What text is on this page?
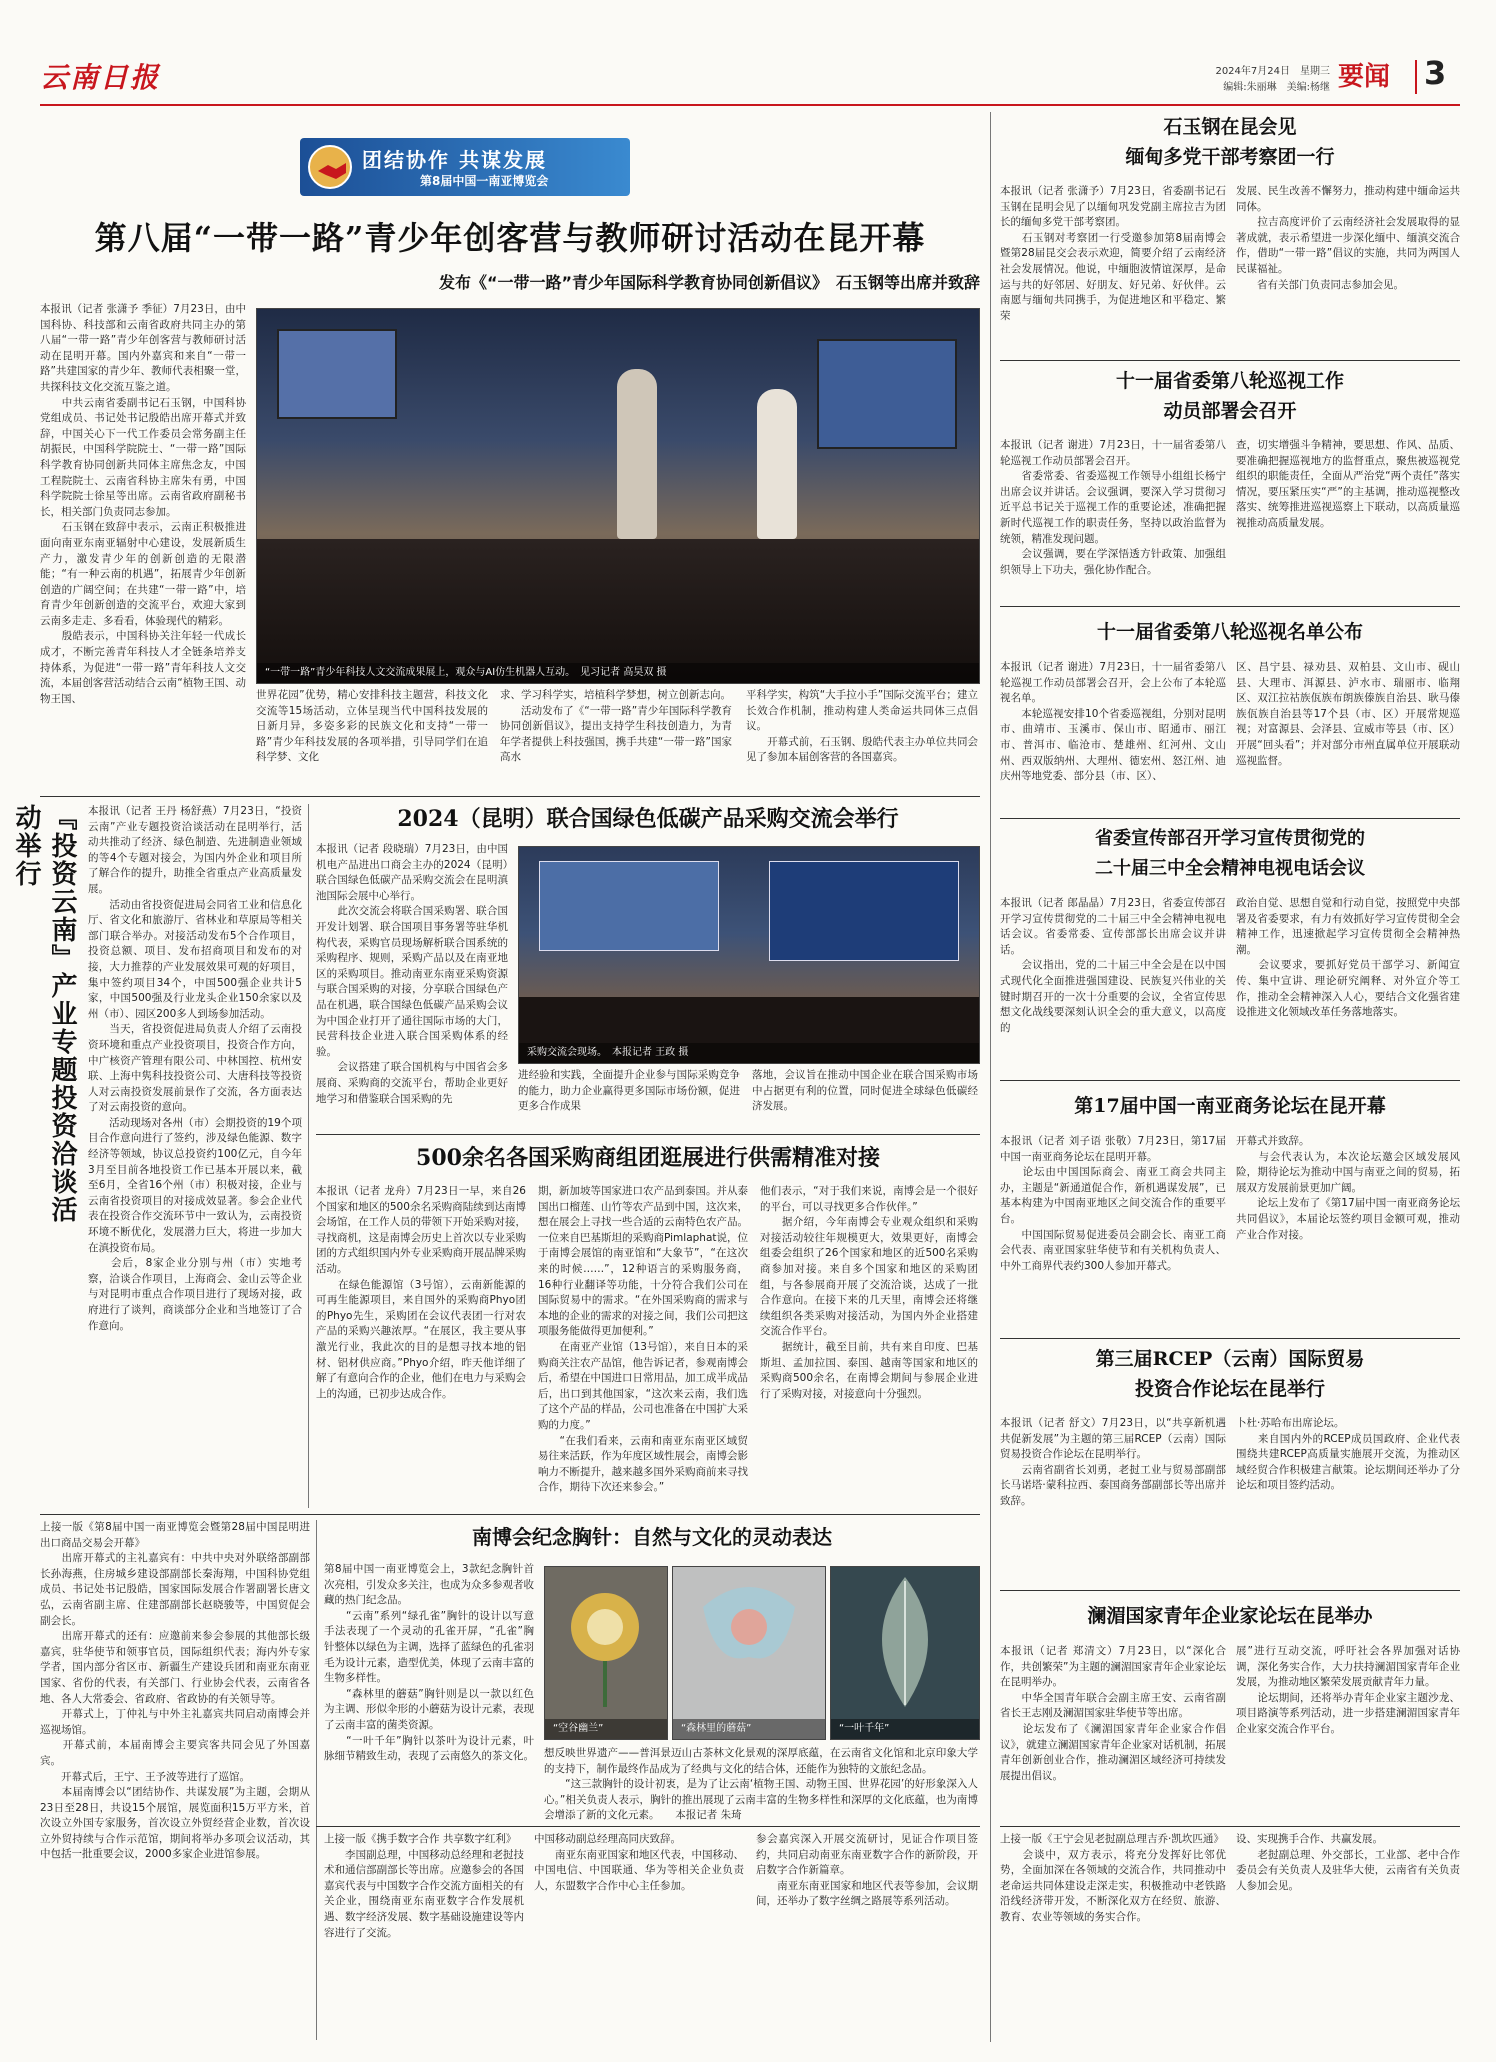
云南日报	2024年7月24日　星期三
编辑:朱丽琳　美编:杨继 要闻	3
团结协作 共谋发展
第8届中国一南亚博览会
第八届“一带一路”青少年创客营与教师研讨活动在昆开幕
发布《“一带一路”青少年国际科学教育协同创新倡议》　石玉钢等出席并致辞
本报讯（记者 张潇予 季征）7月23日，由中国科协、科技部和云南省政府共同主办的第八届“一带一路”青少年创客营与教师研讨活动在昆明开幕。国内外嘉宾和来自“一带一路”共建国家的青少年、教师代表相聚一堂，共探科技文化交流互鉴之道。
　　中共云南省委副书记石玉钢，中国科协党组成员、书记处书记殷皓出席开幕式并致辞，中国关心下一代工作委员会常务副主任胡振民，中国科学院院士、“一带一路”国际科学教育协同创新共同体主席焦念友，中国工程院院士、云南省科协主席朱有勇，中国科学院院士徐星等出席。云南省政府副秘书长，相关部门负责同志参加。
　　石玉钢在致辞中表示，云南正积极推进面向南亚东南亚辐射中心建设，发展新质生产力，激发青少年的创新创造的无限潜能；“有一种云南的机遇”，拓展青少年创新创造的广阔空间；在共建“一带一路”中，培育青少年创新创造的交流平台，欢迎大家到云南多走走、多看看，体验现代的精彩。
　　殷皓表示，中国科协关注年轻一代成长成才，不断完善青年科技人才全链条培养支持体系，为促进“一带一路”青年科技人文交流，本届创客营活动结合云南“植物王国、动物王国、
“一带一路”青少年科技人文交流成果展上，观众与AI仿生机器人互动。　见习记者 高昊双 摄
世界花园”优势，精心安排科技主题营，科技文化交流等15场活动，立体呈现当代中国科技发展的日新月异，多姿多彩的民族文化和支持“一带一路”青少年科技发展的各项举措，引导同学们在追科学梦、文化
求、学习科学实，培植科学梦想，树立创新志向。
　　活动发布了《“一带一路”青少年国际科学教育协同创新倡议》，提出支持学生科技创造力，为青年学者提供上科技强国，携手共建“一带一路”国家高水
平科学实，构筑“大手拉小手”国际交流平台；建立长效合作机制，推动构建人类命运共同体三点倡议。
　　开幕式前，石玉钢、殷皓代表主办单位共同会见了参加本届创客营的各国嘉宾。
『投资云南』产业专题投资洽谈活动举行	本报讯（记者 王丹 杨舒燕）7月23日，“投资云南”产业专题投资洽谈活动在昆明举行，活动共推动了经济、绿色制造、先进制造业领域的等4个专题对接会，为国内外企业和项目所了解合作的提升，助推全省重点产业高质量发展。
　　活动由省投资促进局会同省工业和信息化厅、省文化和旅游厅、省林业和草原局等相关部门联合举办。对接活动发布5个合作项目，投资总额、项目、发布招商项目和发布的对接，大力推荐的产业发展效果可观的好项目，集中签约项目34个，中国500强企业共计5家，中国500强及行业龙头企业150余家以及州（市）、园区200多人到场参加活动。
　　当天，省投资促进局负责人介绍了云南投资环境和重点产业投资项目，投资合作方向，中广核资产管理有限公司、中林国控、杭州安联、上海中隽科技投资公司、大唐科技等投资人对云南投资发展前景作了交流，各方面表达了对云南投资的意向。
　　活动现场对各州（市）会期投资的19个项目合作意向进行了签约，涉及绿色能源、数字经济等领域，协议总投资约100亿元，自今年3月至目前各地投资工作已基本开展以来，截至6月，全省16个州（市）积极对接，企业与云南省投资项目的对接成效显著。参会企业代表在投资合作交流环节中一致认为，云南投资环境不断优化，发展潜力巨大，将进一步加大在滇投资布局。
　　会后，8家企业分别与州（市）实地考察，洽谈合作项目，上海商会、金山云等企业与对昆明市重点合作项目进行了现场对接，政府进行了谈判，商谈部分企业和当地签订了合作意向。
2024（昆明）联合国绿色低碳产品采购交流会举行
本报讯（记者 段晓瑞）7月23日，由中国机电产品进出口商会主办的2024（昆明）联合国绿色低碳产品采购交流会在昆明滇池国际会展中心举行。
　　此次交流会将联合国采购署、联合国开发计划署、联合国项目事务署等驻华机构代表，采购官员现场解析联合国系统的采购程序、规则，采购产品以及在南亚地区的采购项目。推动南亚东南亚采购资源与联合国采购的对接，分享联合国绿色产品在机遇，联合国绿色低碳产品采购会议为中国企业打开了通往国际市场的大门，民营科技企业进入联合国采购体系的经验。
　　会议搭建了联合国机构与中国省会多展商、采购商的交流平台，帮助企业更好地学习和借鉴联合国采购的先
采购交流会现场。　本报记者 王政 摄
进经验和实践，全面提升企业参与国际采购竞争的能力，助力企业赢得更多国际市场份额，促进更多合作成果
落地，会议旨在推动中国企业在联合国采购市场中占据更有利的位置，同时促进全球绿色低碳经济发展。
500余名各国采购商组团逛展进行供需精准对接
本报讯（记者 龙舟）7月23日一早，来自26个国家和地区的500余名采购商陆续到达南博会场馆，在工作人员的带领下开始采购对接，寻找商机，这是南博会历史上首次以专业采购团的方式组织国内外专业采购商开展品牌采购活动。
　　在绿色能源馆（3号馆），云南新能源的可再生能源项目，来自国外的采购商Phyo团的Phyo先生，采购团在会议代表团一行对农产品的采购兴趣浓厚。“在展区，我主要从事激光行业，我此次的目的是想寻找本地的铝材、铝材供应商。”Phyo介绍，昨天他详细了解了有意向合作的企业，他们在电力与采购会上的沟通，已初步达成合作。
期，新加坡等国家进口农产品到泰国。并从泰国出口榴莲、山竹等农产品到中国，这次来，想在展会上寻找一些合适的云南特色农产品。一位来自巴基斯坦的采购商Pimlaphat说，位于南博会展馆的南亚馆和“大象节”，“在这次来的时候……”，12种语言的采购服务商，16种行业翻译等功能，十分符合我们公司在国际贸易中的需求。“在外国采购商的需求与本地的企业的需求的对接之间，我们公司把这项服务能做得更加便利。”
　　在南亚产业馆（13号馆），来自日本的采购商关注农产品馆，他告诉记者，参观南博会后，希望在中国进口日常用品，加工成半成品后，出口到其他国家，“这次来云南，我们选了这个产品的样品，公司也准备在中国扩大采购的力度。”
　　“在我们看来，云南和南亚东南亚区域贸易往来活跃，作为年度区域性展会，南博会影响力不断提升，越来越多国外采购商前来寻找合作，期待下次还来参会。”
他们表示，“对于我们来说，南博会是一个很好的平台，可以寻找更多合作伙伴。”
　　据介绍，今年南博会专业观众组织和采购对接活动较往年规模更大，效果更好，南博会组委会组织了26个国家和地区的近500名采购商参加对接。来自多个国家和地区的采购团组，与各参展商开展了交流洽谈，达成了一批合作意向。在接下来的几天里，南博会还将继续组织各类采购对接活动，为国内外企业搭建交流合作平台。
　　据统计，截至目前，共有来自印度、巴基斯坦、孟加拉国、泰国、越南等国家和地区的采购商500余名，在南博会期间与参展企业进行了采购对接，对接意向十分强烈。
上接一版《第8届中国一南亚博览会暨第28届中国昆明进出口商品交易会开幕》
　　出席开幕式的主礼嘉宾有：中共中央对外联络部副部长孙海燕，住房城乡建设部副部长秦海翔，中国科协党组成员、书记处书记殷皓，国家国际发展合作署副署长唐文弘，云南省副主席、住建部副部长赵晓骏等，中国贸促会副会长。
　　出席开幕式的还有：应邀前来参会参展的其他部长级嘉宾，驻华使节和领事官员，国际组织代表；海内外专家学者，国内部分省区市、新疆生产建设兵团和南亚东南亚国家、省份的代表，有关部门、行业协会代表，云南省各地、各人大常委会、省政府、省政协的有关领导等。
　　开幕式上，丁仲礼与中外主礼嘉宾共同启动南博会并巡视场馆。
　　开幕式前，本届南博会主要宾客共同会见了外国嘉宾。
　　开幕式后，王宁、王予波等进行了巡馆。
　　本届南博会以“团结协作、共谋发展”为主题，会期从23日至28日，共设15个展馆，展览面积15万平方米，首次设立外国专家服务，首次设立外贸经营企业数，首次设立外贸持续与合作示范馆，期间将举办多项会议活动，其中包括一批重要会议，2000多家企业进馆参展。
南博会纪念胸针：自然与文化的灵动表达
第8届中国一南亚博览会上，3款纪念胸针首次亮相，引发众多关注，也成为众多参观者收藏的热门纪念品。
　　“云南”系列“绿孔雀”胸针的设计以写意手法表现了一个灵动的孔雀开屏，“孔雀”胸针整体以绿色为主调，选择了蓝绿色的孔雀羽毛为设计元素，造型优美，体现了云南丰富的生物多样性。
　　“森林里的蘑菇”胸针则是以一款以红色为主调、形似伞形的小蘑菇为设计元素，表现了云南丰富的菌类资源。
　　“一叶千年”胸针以茶叶为设计元素，叶脉细节精致生动，表现了云南悠久的茶文化。
“空谷幽兰”	“森林里的蘑菇”	“一叶千年”
想反映世界遗产——普洱景迈山古茶林文化景观的深厚底蕴，在云南省文化馆和北京印象大学的支持下，制作最终作品成为了经典与文化的结合体，还能作为独特的文旅纪念品。
　　“这三款胸针的设计初衷，是为了让云南‘植物王国、动物王国、世界花园’的好形象深入人心。”相关负责人表示，胸针的推出展现了云南丰富的生物多样性和深厚的文化底蕴，也为南博会增添了新的文化元素。　　本报记者 朱琦
上接一版《携手数字合作 共享数字红利》
　　李国副总理，中国移动总经理和老挝技术和通信部副部长等出席。应邀参会的各国嘉宾代表与中国数字合作交流方面相关的有关企业，围绕南亚东南亚数字合作发展机遇、数字经济发展、数字基础设施建设等内容进行了交流。
中国移动副总经理高同庆致辞。
　　南亚东南亚国家和地区代表，中国移动、中国电信、中国联通、华为等相关企业负责人，东盟数字合作中心主任参加。
参会嘉宾深入开展交流研讨，见证合作项目签约，共同启动南亚东南亚数字合作的新阶段，开启数字合作新篇章。
　　南亚东南亚国家和地区代表等参加，会议期间，还举办了数字丝绸之路展等系列活动。
石玉钢在昆会见
缅甸多党干部考察团一行
本报讯（记者 张潇予）7月23日，省委副书记石玉钢在昆明会见了以缅甸巩发党副主席拉吉为团长的缅甸多党干部考察团。
　　石玉钢对考察团一行受邀参加第8届南博会暨第28届昆交会表示欢迎，简要介绍了云南经济社会发展情况。他说，中缅胞波情谊深厚，是命运与共的好邻居、好朋友、好兄弟、好伙伴。云南愿与缅甸共同携手，为促进地区和平稳定、繁荣
发展、民生改善不懈努力，推动构建中缅命运共同体。
　　拉吉高度评价了云南经济社会发展取得的显著成就，表示希望进一步深化缅中、缅滇交流合作，借助“一带一路”倡议的实施，共同为两国人民谋福祉。
　　省有关部门负责同志参加会见。
十一届省委第八轮巡视工作
动员部署会召开
本报讯（记者 谢进）7月23日，十一届省委第八轮巡视工作动员部署会召开。
　　省委常委、省委巡视工作领导小组组长杨宁出席会议并讲话。会议强调，要深入学习贯彻习近平总书记关于巡视工作的重要论述，准确把握新时代巡视工作的职责任务，坚持以政治监督为统领，精准发现问题。
　　会议强调，要在学深悟透方针政策、加强组织领导上下功夫，强化协作配合。
查，切实增强斗争精神，要思想、作风、品质、要准确把握巡视地方的监督重点，聚焦被巡视党组织的职能责任，全面从严治党“两个责任”落实情况，要压紧压实“严”的主基调，推动巡视整改落实、统筹推进巡视巡察上下联动，以高质量巡视推动高质量发展。
十一届省委第八轮巡视名单公布
本报讯（记者 谢进）7月23日，十一届省委第八轮巡视工作动员部署会召开，会上公布了本轮巡视名单。
　　本轮巡视安排10个省委巡视组，分别对昆明市、曲靖市、玉溪市、保山市、昭通市、丽江市、普洱市、临沧市、楚雄州、红河州、文山州、西双版纳州、大理州、德宏州、怒江州、迪庆州等地党委、部分县（市、区）、
区、昌宁县、禄劝县、双柏县、文山市、砚山县、大理市、洱源县、泸水市、瑞丽市、临翔区、双江拉祜族佤族布朗族傣族自治县、耿马傣族佤族自治县等17个县（市、区）开展常规巡视；对富源县、会泽县、宣威市等县（市、区）开展“回头看”；并对部分市州直属单位开展联动巡视监督。
省委宣传部召开学习宣传贯彻党的
二十届三中全会精神电视电话会议
本报讯（记者 郎晶晶）7月23日，省委宣传部召开学习宣传贯彻党的二十届三中全会精神电视电话会议。省委常委、宣传部部长出席会议并讲话。
　　会议指出，党的二十届三中全会是在以中国式现代化全面推进强国建设、民族复兴伟业的关键时期召开的一次十分重要的会议，全省宣传思想文化战线要深刻认识全会的重大意义，以高度的
政治自觉、思想自觉和行动自觉，按照党中央部署及省委要求，有力有效抓好学习宣传贯彻全会精神工作，迅速掀起学习宣传贯彻全会精神热潮。
　　会议要求，要抓好党员干部学习、新闻宣传、集中宣讲、理论研究阐释、对外宣介等工作，推动全会精神深入人心，要结合文化强省建设推进文化领域改革任务落地落实。
第17届中国一南亚商务论坛在昆开幕
本报讯（记者 刘子语 张敬）7月23日，第17届中国一南亚商务论坛在昆明开幕。
　　论坛由中国国际商会、南亚工商会共同主办，主题是“新通道促合作，新机遇谋发展”，已基本构建为中国南亚地区之间交流合作的重要平台。
　　中国国际贸易促进委员会副会长、南亚工商会代表、南亚国家驻华使节和有关机构负责人、中外工商界代表约300人参加开幕式。
开幕式并致辞。
　　与会代表认为，本次论坛邀会区域发展风险，期待论坛为推动中国与南亚之间的贸易，拓展双方发展前景更加广阔。
　　论坛上发布了《第17届中国一南亚商务论坛共同倡议》，本届论坛签约项目金额可观，推动产业合作对接。
第三届RCEP（云南）国际贸易
投资合作论坛在昆举行
本报讯（记者 舒文）7月23日，以“共享新机遇 共促新发展”为主题的第三届RCEP（云南）国际贸易投资合作论坛在昆明举行。
　　云南省副省长刘勇，老挝工业与贸易部副部长马诺塔·蒙科拉西、泰国商务部副部长等出席并致辞。
卜杜·苏哈布出席论坛。
　　来自国内外的RCEP成员国政府、企业代表围绕共建RCEP高质量实施展开交流，为推动区域经贸合作积极建言献策。论坛期间还举办了分论坛和项目签约活动。
澜湄国家青年企业家论坛在昆举办
本报讯（记者 郑清文）7月23日，以“深化合作，共创繁荣”为主题的澜湄国家青年企业家论坛在昆明举办。
　　中华全国青年联合会副主席王安、云南省副省长王志刚及澜湄国家驻华使节等出席。
　　论坛发布了《澜湄国家青年企业家合作倡议》，就建立澜湄国家青年企业家对话机制，拓展青年创新创业合作，推动澜湄区域经济可持续发展提出倡议。
展”进行互动交流，呼吁社会各界加强对话协调，深化务实合作，大力扶持澜湄国家青年企业发展，为推动地区繁荣发展贡献青年力量。
　　论坛期间，还将举办青年企业家主题沙龙、项目路演等系列活动，进一步搭建澜湄国家青年企业家交流合作平台。
上接一版《王宁会见老挝副总理吉乔·凯坎匹通》
　　会谈中，双方表示，将充分发挥好比邻优势，全面加深在各领域的交流合作，共同推动中老命运共同体建设走深走实，积极推动中老铁路沿线经济带开发，不断深化双方在经贸、旅游、教育、农业等领域的务实合作。
设、实现携手合作、共赢发展。
　　老挝副总理、外交部长，工业部、老中合作委员会有关负责人及驻华大使，云南省有关负责人参加会见。
